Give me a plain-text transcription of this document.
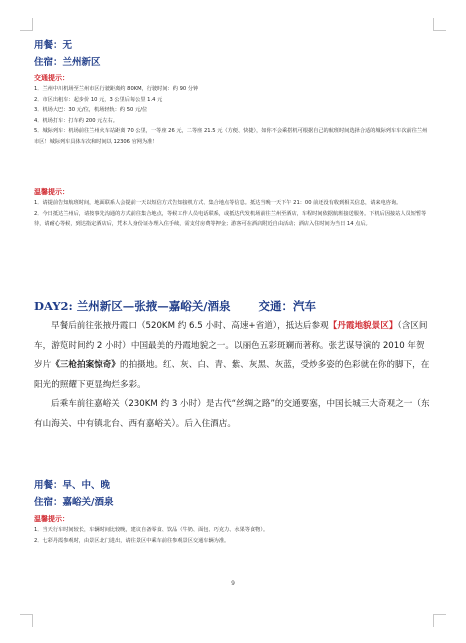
用餐：无
住宿：兰州新区
交通提示：

1．兰州中川机场至兰州市区行驶距离约 80KM，行驶时间：约 90 分钟

2．市区出租车：起步价 10 元，3 公里后每公里 1.4 元

3．机场大巴：30 元/位，机场轻轨：约 50 元/位

4．机场打车：打车约 200 元左右。

5．城际列车：机场前往兰州火车站距离 70 公里，一等座 26 元，二等座 21.5 元（方便、快捷），如你不会乘搭机可根据自己的航班时间选择合适的城际列车车次前往兰州市区！城际列车具体车次和时间以 12306 官网为准！

温馨提示：

1．请提前告知航班时间，地面联系人会提前一天以短信方式告知接机方式、集合地点等信息。抵达当晚一天下午 21：00 前还没有收到相关信息，请来电咨询。

2．今日抵达兰州后，请按事先沟通的方式前往集合地点，等候工作人员电话联系，或抵达代发机场前往兰州至酒店，车程时间依据航班接送服务。下机后因接站人员短暂等待，请耐心等候，到达指定酒店后，凭本人身份证办理入住手续，需支付房费等押金；游客可在酒店附近自由活动；酒店入住时间为当日 14 点后。

DAY2: 兰州新区—张掖—嘉峪关/酒泉 交通：汽车

早餐后前往张掖丹霞口（520KM 约 6.5 小时、高速+省道），抵达后参观【丹霞地貌景区】（含区间车，游览时间约 2 小时）中国最美的丹霞地貌之一。以丽色五彩斑斓而著称。张艺谋导演的 2010 年贺岁片《三枪拍案惊奇》的拍摄地。红、灰、白、青、紫、灰黑、灰蓝，受炒多姿的色彩就在你的脚下，在阳光的照耀下更显绚烂多彩。

后乘车前往嘉峪关（230KM 约 3 小时）是古代“丝绸之路”的交通要塞，中国长城三大奇观之一（东有山海关、中有镇北台、西有嘉峪关）。后入住酒店。

用餐：早、中、晚
住宿：嘉峪关/酒泉
温馨提示：

1．当天行车时间较长，车辆时间比较晚，建议自备零食、饮品（牛奶、面包、巧克力、水果等食物）。

2．七彩丹霞参观时，由景区北门进出，请往景区中乘车前往参观景区交通车辆为准。

9
